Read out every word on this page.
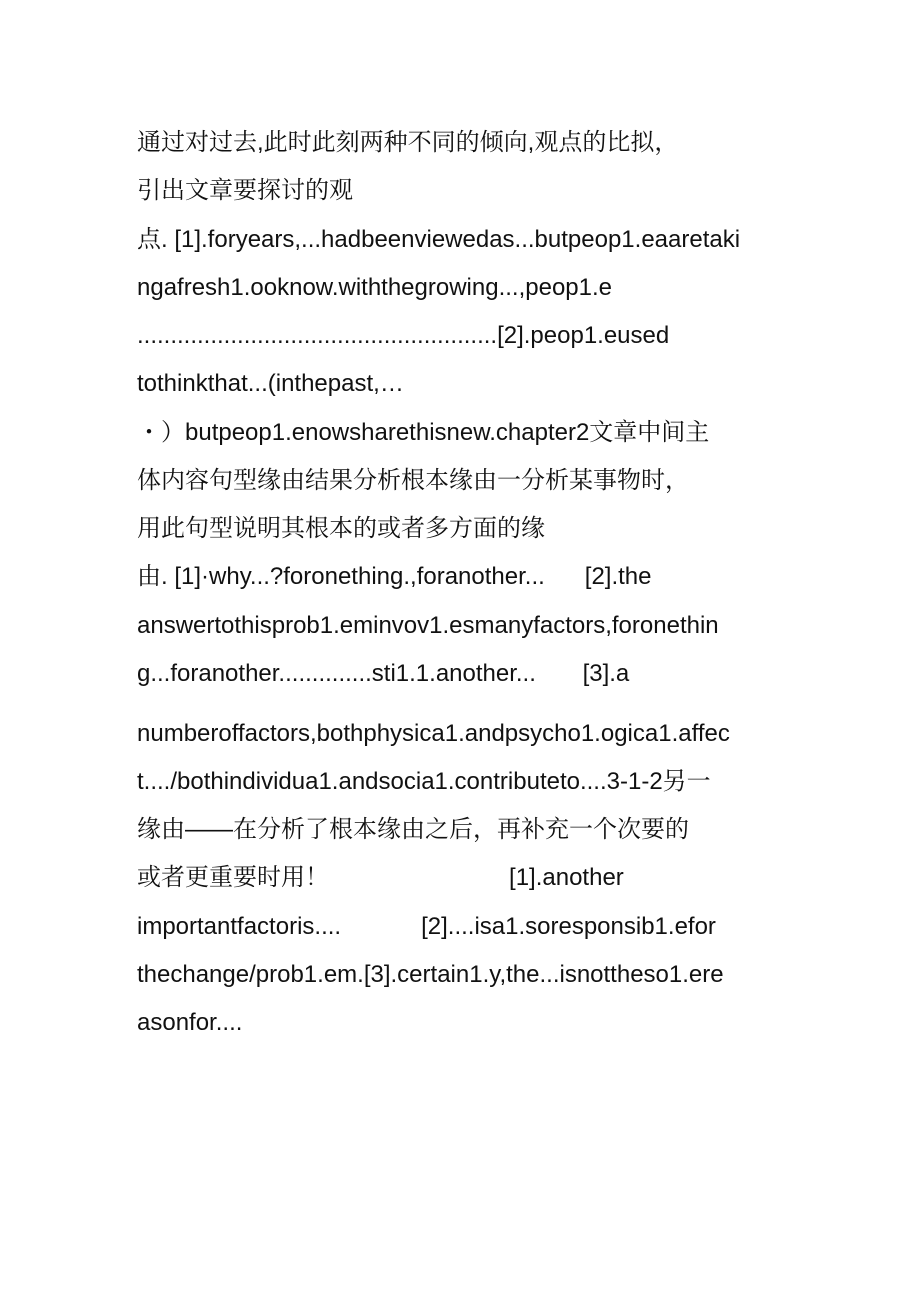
通过对过去,此时此刻两种不同的倾向,观点的比拟，

引出文章要探讨的观

点. [1].foryears,...hadbeenviewedas...butpeop1.eaaretaki

ngafresh1.ooknow.withthegrowing...,peop1.e

......................................................[2].peop1.eused

tothinkthat...(inthepast,…

・）butpeop1.enowsharethisnew.chapter2文章中间主

体内容句型缘由结果分析根本缘由一分析某事物时，

用此句型说明其根本的或者多方面的缘

由. [1]·why...?foronething.,foranother...      [2].the

answertothisprob1.eminvov1.esmanyfactors,foronethin

g...foranother..............sti1.1.another...       [3].a

numberoffactors,bothphysica1.andpsycho1.ogica1.affec

t..../bothindividua1.andsocia1.contributeto....3-1-2另一

缘由——在分析了根本缘由之后，再补充一个次要的

或者更重要时用！                           [1].another

importantfactoris....            [2]....isa1.soresponsib1.efor

thechange/prob1.em.[3].certain1.y,the...isnottheso1.ere

asonfor....
